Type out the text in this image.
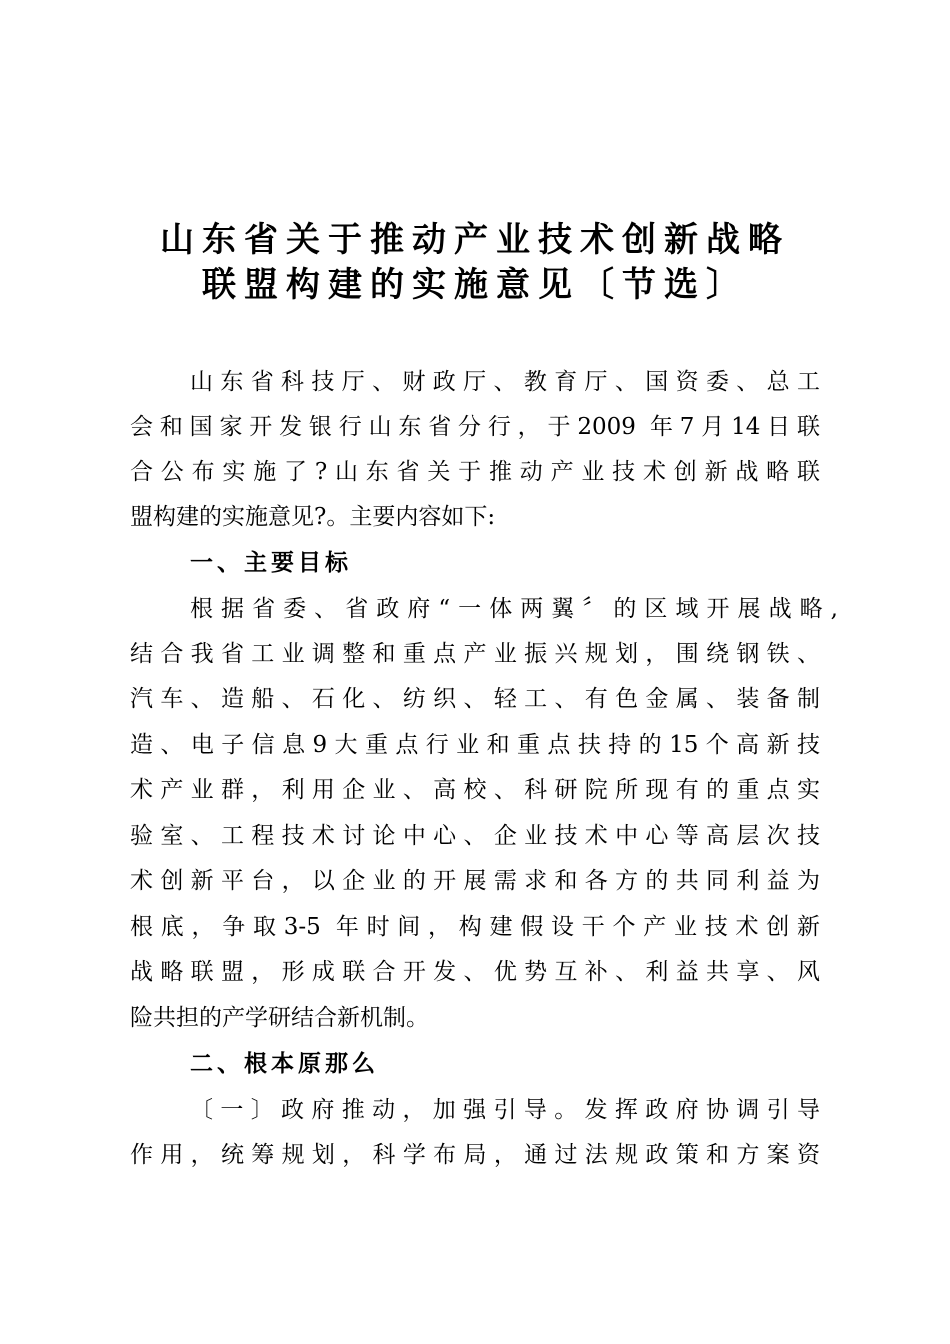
山东省关于推动产业技术创新战略
联盟构建的实施意见〔节选〕
山东省科技厅、财政厅、教育厅、国资委、总工
会和国家开发银行山东省分行，于2009 年7月14日联
合公布实施了?山东省关于推动产业技术创新战略联
盟构建的实施意见?。主要内容如下:
一、主要目标
根据省委、省政府“一体两翼〞的区域开展战略,
结合我省工业调整和重点产业振兴规划，围绕钢铁、
汽车、造船、石化、纺织、轻工、有色金属、装备制
造、电子信息9大重点行业和重点扶持的15个高新技
术产业群，利用企业、高校、科研院所现有的重点实
验室、工程技术讨论中心、企业技术中心等高层次技
术创新平台，以企业的开展需求和各方的共同利益为
根底，争取3-5 年时间，构建假设干个产业技术创新
战略联盟，形成联合开发、优势互补、利益共享、风
险共担的产学研结合新机制。
二、根本原那么
〔一〕政府推动，加强引导。发挥政府协调引导
作用，统筹规划，科学布局，通过法规政策和方案资
